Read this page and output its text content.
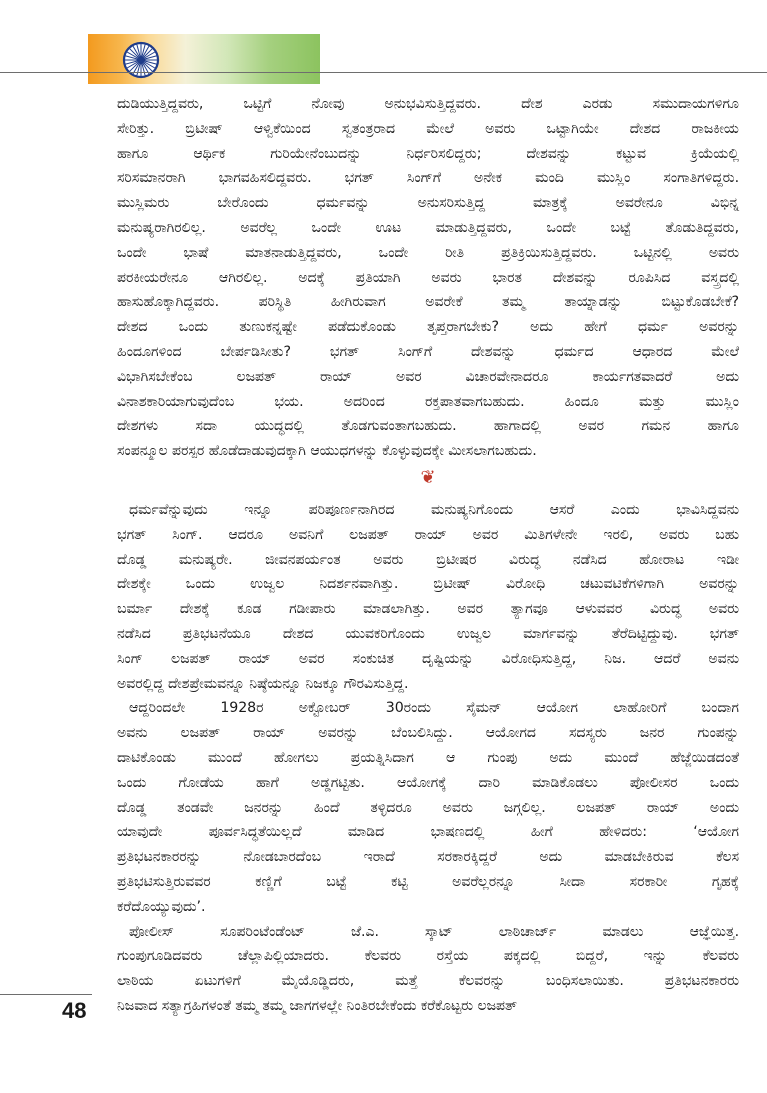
ದುಡಿಯುತ್ತಿದ್ದವರು, ಒಟ್ಟಿಗೆ ನೋವು ಅನುಭವಿಸುತ್ತಿದ್ದವರು. ದೇಶ ಎರಡು ಸಮುದಾಯಗಳಿಗೂ
ಸೇರಿತ್ತು. ಬ್ರಿಟೀಷ್ ಆಳ್ವಿಕೆಯಿಂದ ಸ್ವತಂತ್ರರಾದ ಮೇಲೆ ಅವರು ಒಟ್ಟಾಗಿಯೇ ದೇಶದ ರಾಜಕೀಯ
ಹಾಗೂ ಆರ್ಥಿಕ ಗುರಿಯೇನೆಂಬುದನ್ನು ನಿರ್ಧರಿಸಲಿದ್ದರು; ದೇಶವನ್ನು ಕಟ್ಟುವ ಕ್ರಿಯೆಯಲ್ಲಿ
ಸರಿಸಮಾನರಾಗಿ ಭಾಗವಹಿಸಲಿದ್ದವರು. ಭಗತ್ ಸಿಂಗ್‌ಗೆ ಅನೇಕ ಮಂದಿ ಮುಸ್ಲಿಂ ಸಂಗಾತಿಗಳಿದ್ದರು.
ಮುಸ್ಲಿಮರು ಬೇರೊಂದು ಧರ್ಮವನ್ನು ಅನುಸರಿಸುತ್ತಿದ್ದ ಮಾತ್ರಕ್ಕೆ ಅವರೇನೂ ವಿಭಿನ್ನ
ಮನುಷ್ಯರಾಗಿರಲಿಲ್ಲ. ಅವರೆಲ್ಲ ಒಂದೇ ಊಟ ಮಾಡುತ್ತಿದ್ದವರು, ಒಂದೇ ಬಟ್ಟೆ ತೊಡುತಿದ್ದವರು,
ಒಂದೇ ಭಾಷೆ ಮಾತನಾಡುತ್ತಿದ್ದವರು, ಒಂದೇ ರೀತಿ ಪ್ರತಿಕ್ರಿಯಿಸುತ್ತಿದ್ದವರು. ಒಟ್ಟಿನಲ್ಲಿ ಅವರು
ಪರಕೀಯರೇನೂ ಆಗಿರಲಿಲ್ಲ. ಅದಕ್ಕೆ ಪ್ರತಿಯಾಗಿ ಅವರು ಭಾರತ ದೇಶವನ್ನು ರೂಪಿಸಿದ ವಸ್ತ್ರದಲ್ಲಿ
ಹಾಸುಹೊಕ್ಕಾಗಿದ್ದವರು. ಪರಿಸ್ಥಿತಿ ಹೀಗಿರುವಾಗ ಅವರೇಕೆ ತಮ್ಮ ತಾಯ್ನಾಡನ್ನು ಬಿಟ್ಟುಕೊಡಬೇಕೆ?
ದೇಶದ ಒಂದು ತುಣುಕನ್ನಷ್ಟೇ ಪಡೆದುಕೊಂಡು ತೃಪ್ತರಾಗಬೇಕು? ಅದು ಹೇಗೆ ಧರ್ಮ ಅವರನ್ನು
ಹಿಂದೂಗಳಿಂದ ಬೇರ್ಪಡಿಸೀತು? ಭಗತ್ ಸಿಂಗ್‌ಗೆ ದೇಶವನ್ನು ಧರ್ಮದ ಆಧಾರದ ಮೇಲೆ
ವಿಭಾಗಿಸಬೇಕೆಂಬ ಲಜಪತ್ ರಾಯ್ ಅವರ ವಿಚಾರವೇನಾದರೂ ಕಾರ್ಯಗತವಾದರೆ ಅದು
ವಿನಾಶಕಾರಿಯಾಗುವುದೆಂಬ ಭಯ. ಅದರಿಂದ ರಕ್ತಪಾತವಾಗಬಹುದು. ಹಿಂದೂ ಮತ್ತು ಮುಸ್ಲಿಂ
ದೇಶಗಳು ಸದಾ ಯುದ್ಧದಲ್ಲಿ ತೊಡಗುವಂತಾಗಬಹುದು. ಹಾಗಾದಲ್ಲಿ ಅವರ ಗಮನ ಹಾಗೂ
ಸಂಪನ್ಮೂಲ ಪರಸ್ಪರ ಹೊಡೆದಾಡುವುದಕ್ಕಾಗಿ ಆಯುಧಗಳನ್ನು ಕೊಳ್ಳುವುದಕ್ಕೇ ಮೀಸಲಾಗಬಹುದು.

❦

ಧರ್ಮವೆನ್ನುವುದು ಇನ್ನೂ ಪರಿಪೂರ್ಣನಾಗಿರದ ಮನುಷ್ಯನಿಗೊಂದು ಆಸರೆ ಎಂದು ಭಾವಿಸಿದ್ದವನು
ಭಗತ್ ಸಿಂಗ್. ಆದರೂ ಅವನಿಗೆ ಲಜಪತ್ ರಾಯ್ ಅವರ ಮಿತಿಗಳೇನೇ ಇರಲಿ, ಅವರು ಬಹು
ದೊಡ್ಡ ಮನುಷ್ಯರೇ. ಜೀವನಪರ್ಯಂತ ಅವರು ಬ್ರಿಟೀಷರ ವಿರುದ್ಧ ನಡೆಸಿದ ಹೋರಾಟ ಇಡೀ
ದೇಶಕ್ಕೇ ಒಂದು ಉಜ್ವಲ ನಿದರ್ಶನವಾಗಿತ್ತು. ಬ್ರಿಟೀಷ್ ವಿರೋಧಿ ಚಟುವಟಿಕೆಗಳಿಗಾಗಿ ಅವರನ್ನು
ಬರ್ಮಾ ದೇಶಕ್ಕೆ ಕೂಡ ಗಡೀಪಾರು ಮಾಡಲಾಗಿತ್ತು. ಅವರ ತ್ಯಾಗವೂ ಆಳುವವರ ವಿರುದ್ಧ ಅವರು
ನಡೆಸಿದ ಪ್ರತಿಭಟನೆಯೂ ದೇಶದ ಯುವಕರಿಗೊಂದು ಉಜ್ವಲ ಮಾರ್ಗವನ್ನು ತೆರೆದಿಟ್ಟಿದ್ದುವು. ಭಗತ್
ಸಿಂಗ್ ಲಜಪತ್ ರಾಯ್ ಅವರ ಸಂಕುಚಿತ ದೃಷ್ಟಿಯನ್ನು ವಿರೋಧಿಸುತ್ತಿದ್ದ, ನಿಜ. ಆದರೆ ಅವನು
ಅವರಲ್ಲಿದ್ದ ದೇಶಪ್ರೇಮವನ್ನೂ ನಿಷ್ಠೆಯನ್ನೂ ನಿಜಕ್ಕೂ ಗೌರವಿಸುತ್ತಿದ್ದ.

ಆದ್ದರಿಂದಲೇ 1928ರ ಅಕ್ಟೋಬರ್ 30ರಂದು ಸೈಮನ್ ಆಯೋಗ ಲಾಹೋರಿಗೆ ಬಂದಾಗ
ಅವನು ಲಜಪತ್ ರಾಯ್ ಅವರನ್ನು ಬೆಂಬಲಿಸಿದ್ದು. ಆಯೋಗದ ಸದಸ್ಯರು ಜನರ ಗುಂಪನ್ನು
ದಾಟಿಕೊಂಡು ಮುಂದೆ ಹೋಗಲು ಪ್ರಯತ್ನಿಸಿದಾಗ ಆ ಗುಂಪು ಅದು ಮುಂದೆ ಹೆಜ್ಜೆಯಿಡದಂತೆ
ಒಂದು ಗೋಡೆಯ ಹಾಗೆ ಅಡ್ಡಗಟ್ಟಿತು. ಆಯೋಗಕ್ಕೆ ದಾರಿ ಮಾಡಿಕೊಡಲು ಪೋಲೀಸರ ಒಂದು
ದೊಡ್ಡ ತಂಡವೇ ಜನರನ್ನು ಹಿಂದೆ ತಳ್ಳಿದರೂ ಅವರು ಜಗ್ಗಲಿಲ್ಲ. ಲಜಪತ್ ರಾಯ್ ಅಂದು
ಯಾವುದೇ ಪೂರ್ವಸಿದ್ಧತೆಯಿಲ್ಲದೆ ಮಾಡಿದ ಭಾಷಣದಲ್ಲಿ ಹೀಗೆ ಹೇಳಿದರು: ‘ಆಯೋಗ
ಪ್ರತಿಭಟನಕಾರರನ್ನು ನೋಡಬಾರದೆಂಬ ಇರಾದೆ ಸರಕಾರಕ್ಕಿದ್ದರೆ ಅದು ಮಾಡಬೇಕಿರುವ ಕೆಲಸ
ಪ್ರತಿಭಟಿಸುತ್ತಿರುವವರ ಕಣ್ಣಿಗೆ ಬಟ್ಟೆ ಕಟ್ಟಿ ಅವರೆಲ್ಲರನ್ನೂ ಸೀದಾ ಸರಕಾರೀ ಗೃಹಕ್ಕೆ
ಕರೆದೊಯ್ಯುವುದು’.

ಪೋಲೀಸ್ ಸೂಪರಿಂಟೆಂಡೆಂಟ್ ಜೆ.ಎ. ಸ್ಕಾಟ್ ಲಾಠಿಚಾರ್ಜ್ ಮಾಡಲು ಆಜ್ಞೆಯಿತ್ತ.
ಗುಂಪುಗೂಡಿದವರು ಚೆಲ್ಲಾಪಿಲ್ಲಿಯಾದರು. ಕೆಲವರು ರಸ್ತೆಯ ಪಕ್ಕದಲ್ಲಿ ಬಿದ್ದರೆ, ಇನ್ನು ಕೆಲವರು
ಲಾಠಿಯ ಏಟುಗಳಿಗೆ ಮೈಯೊಡ್ಡಿದರು, ಮತ್ತೆ ಕೆಲವರನ್ನು ಬಂಧಿಸಲಾಯಿತು. ಪ್ರತಿಭಟನಕಾರರು
ನಿಜವಾದ ಸತ್ಯಾಗ್ರಹಿಗಳಂತೆ ತಮ್ಮ ತಮ್ಮ ಜಾಗಗಳಲ್ಲೇ ನಿಂತಿರಬೇಕೆಂದು ಕರೆಕೊಟ್ಟರು ಲಜಪತ್

48
